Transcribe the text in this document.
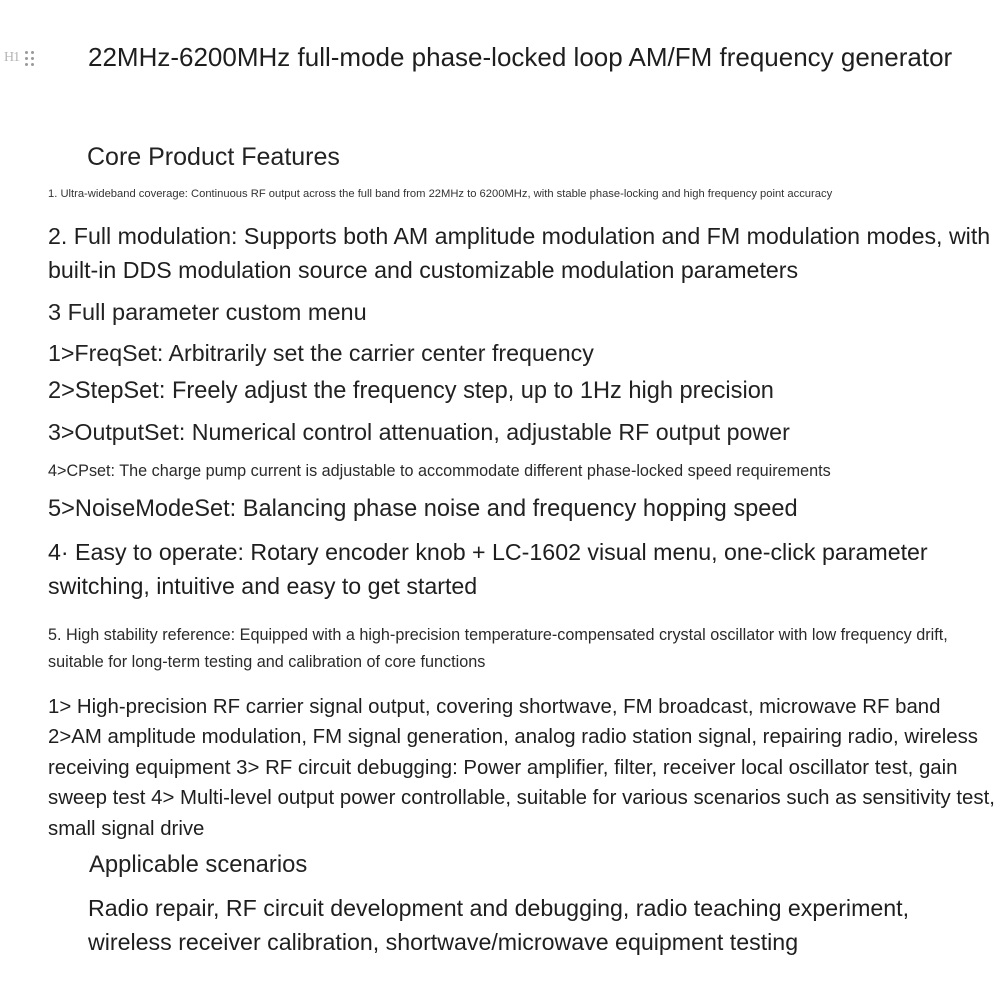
H1	22MHz-6200MHz full-mode phase-locked loop AM/FM frequency generator
Core Product Features
1. Ultra-wideband coverage: Continuous RF output across the full band from 22MHz to 6200MHz, with stable phase-locking and high frequency point accuracy
2. Full modulation: Supports both AM amplitude modulation and FM modulation modes, with built-in DDS modulation source and customizable modulation parameters
3 Full parameter custom menu
1>FreqSet: Arbitrarily set the carrier center frequency
2>StepSet: Freely adjust the frequency step, up to 1Hz high precision
3>OutputSet: Numerical control attenuation, adjustable RF output power
4>CPset: The charge pump current is adjustable to accommodate different phase-locked speed requirements
5>NoiseModeSet: Balancing phase noise and frequency hopping speed
4· Easy to operate: Rotary encoder knob + LC-1602 visual menu, one-click parameter switching, intuitive and easy to get started
5. High stability reference: Equipped with a high-precision temperature-compensated crystal oscillator with low frequency drift, suitable for long-term testing and calibration of core functions
1> High-precision RF carrier signal output, covering shortwave, FM broadcast, microwave RF band 2>AM amplitude modulation, FM signal generation, analog radio station signal, repairing radio, wireless receiving equipment 3> RF circuit debugging: Power amplifier, filter, receiver local oscillator test, gain sweep test 4> Multi-level output power controllable, suitable for various scenarios such as sensitivity test, small signal drive
Applicable scenarios
Radio repair, RF circuit development and debugging, radio teaching experiment, wireless receiver calibration, shortwave/microwave equipment testing
